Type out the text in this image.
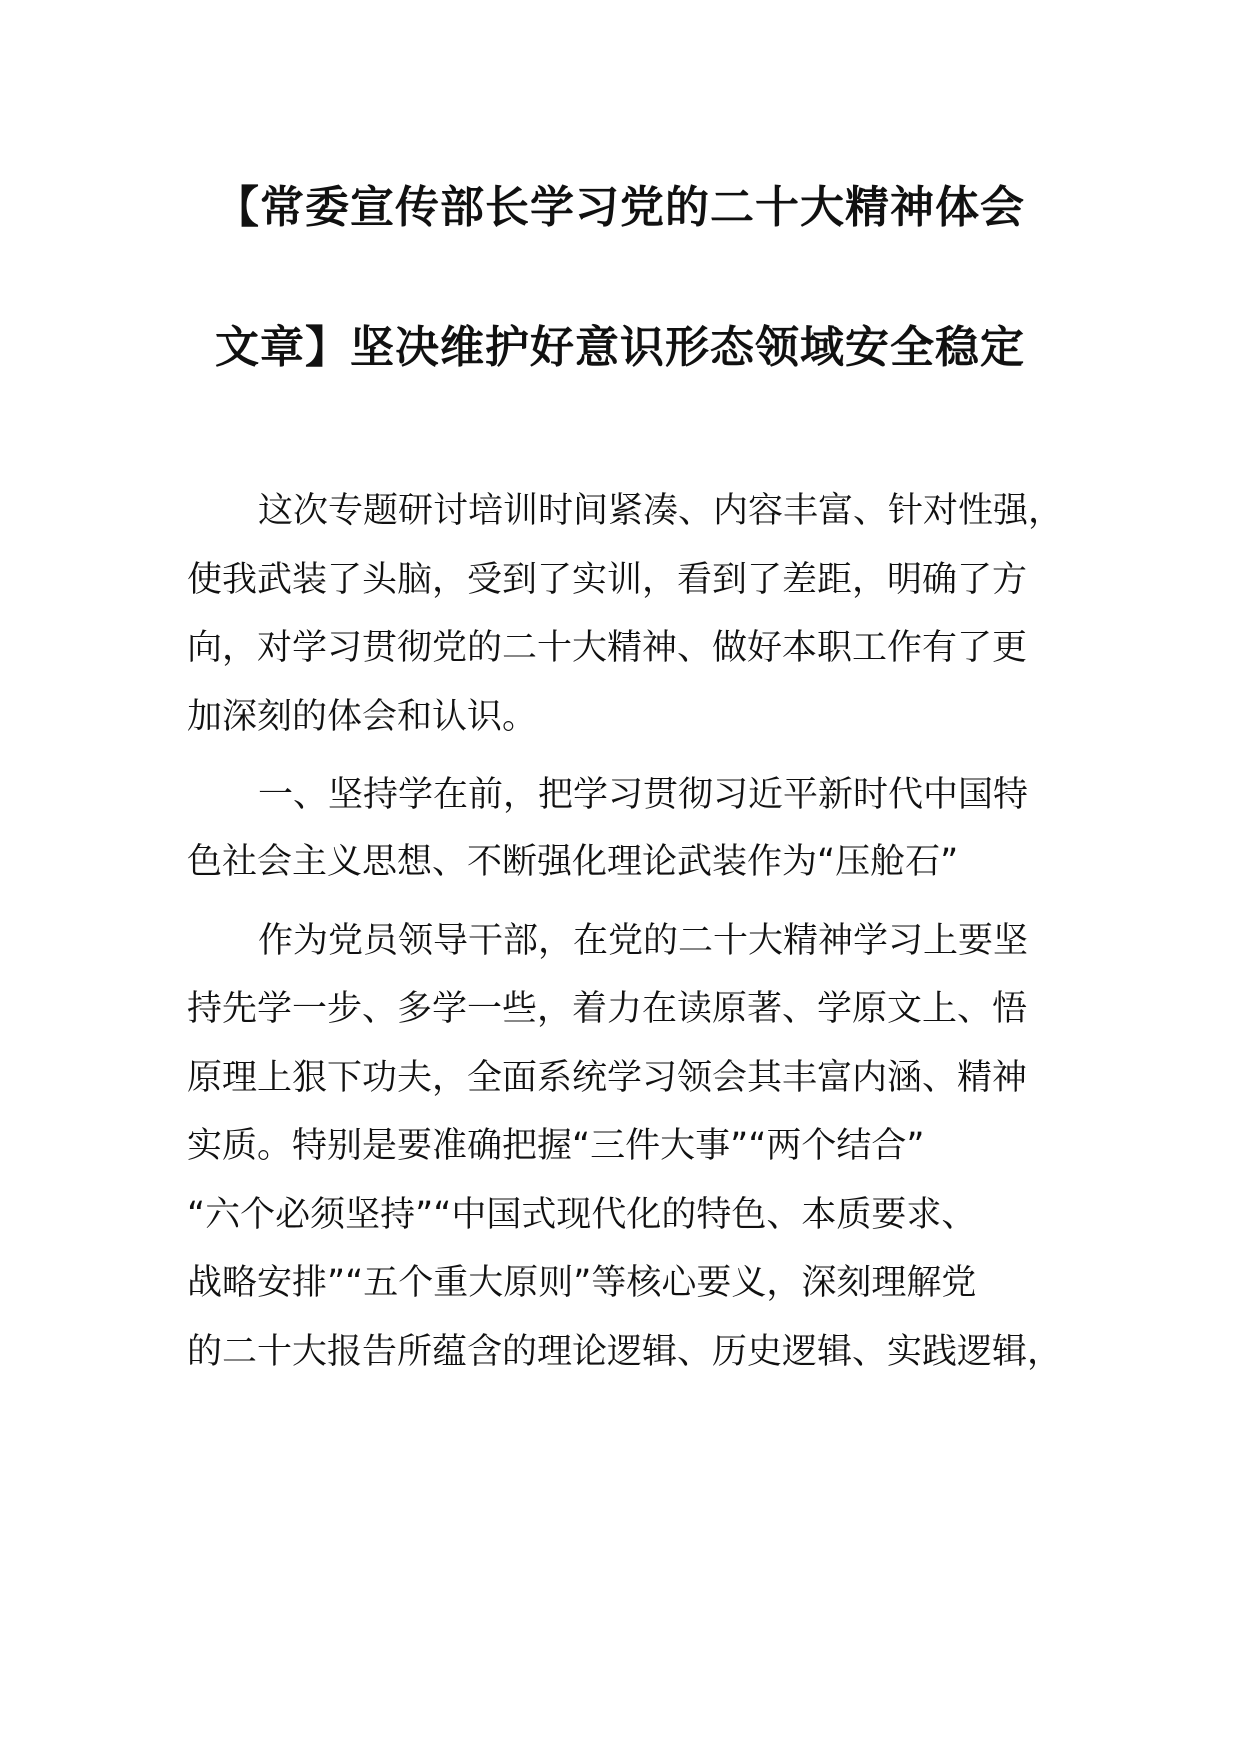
【常委宣传部长学习党的二十大精神体会
文章】坚决维护好意识形态领域安全稳定
这次专题研讨培训时间紧凑、内容丰富、针对性强，
使我武装了头脑，受到了实训，看到了差距，明确了方
向，对学习贯彻党的二十大精神、做好本职工作有了更
加深刻的体会和认识。
一、坚持学在前，把学习贯彻习近平新时代中国特
色社会主义思想、不断强化理论武装作为“压舱石”
作为党员领导干部，在党的二十大精神学习上要坚
持先学一步、多学一些，着力在读原著、学原文上、悟
原理上狠下功夫，全面系统学习领会其丰富内涵、精神
实质。特别是要准确把握“三件大事”“两个结合”
“六个必须坚持”“中国式现代化的特色、本质要求、
战略安排”“五个重大原则”等核心要义，深刻理解党
的二十大报告所蕴含的理论逻辑、历史逻辑、实践逻辑，
